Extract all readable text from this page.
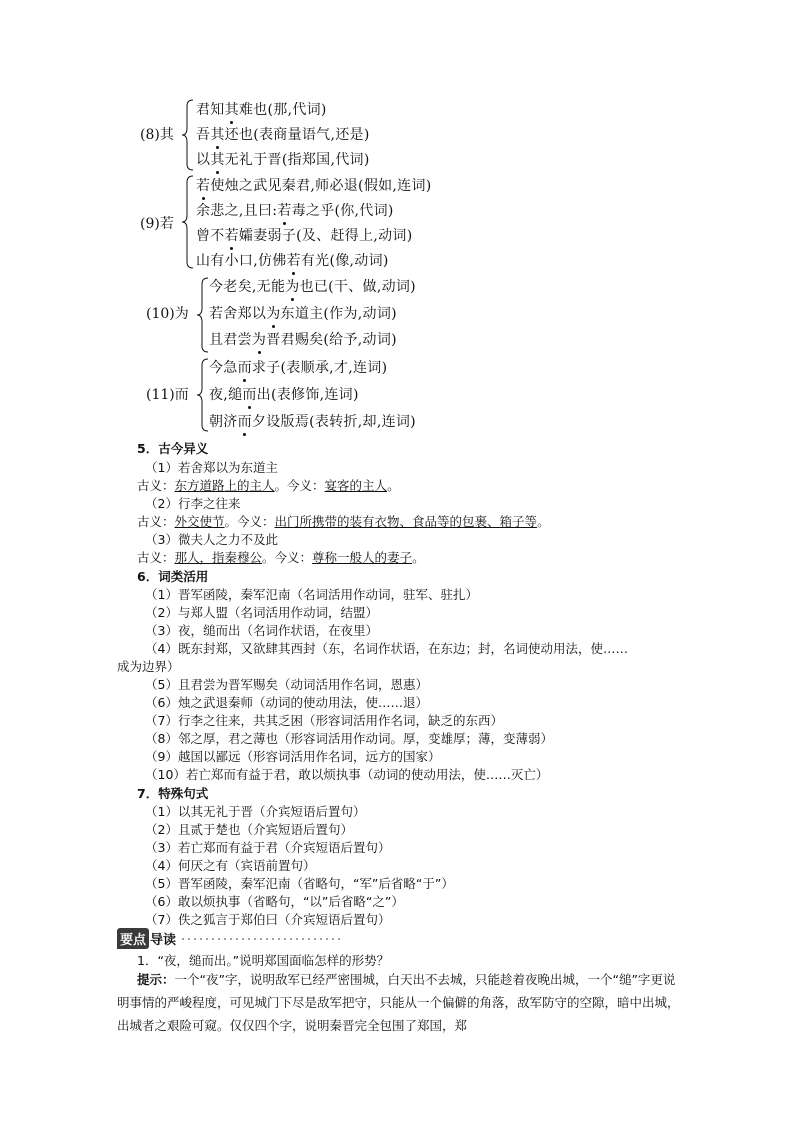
(8)其
君知其难也(那,代词)
吾其还也(表商量语气,还是)
以其无礼于晋(指郑国,代词)
(9)若
若使烛之武见秦君,师必退(假如,连词)
余悲之,且曰:若毒之乎(你,代词)
曾不若孀妻弱子(及、赶得上,动词)
山有小口,仿佛若有光(像,动词)
(10)为
今老矣,无能为也已(干、做,动词)
若舍郑以为东道主(作为,动词)
且君尝为晋君赐矣(给予,动词)
(11)而
今急而求子(表顺承,才,连词)
夜,缒而出(表修饰,连词)
朝济而夕设版焉(表转折,却,连词)
5．古今异义
（1）若舍郑以为东道主
古义：东方道路上的主人。今义：宴客的主人。
（2）行李之往来
古义：外交使节。今义：出门所携带的装有衣物、食品等的包裹、箱子等。
（3）微夫人之力不及此
古义：那人，指秦穆公。今义：尊称一般人的妻子。
6．词类活用
（1）晋军函陵，秦军氾南（名词活用作动词，驻军、驻扎）
（2）与郑人盟（名词活用作动词，结盟）
（3）夜，缒而出（名词作状语，在夜里）
（4）既东封郑，又欲肆其西封（东，名词作状语，在东边；封，名词使动用法，使……
成为边界）
（5）且君尝为晋军赐矣（动词活用作名词，恩惠）
（6）烛之武退秦师（动词的使动用法，使……退）
（7）行李之往来，共其乏困（形容词活用作名词，缺乏的东西）
（8）邻之厚，君之薄也（形容词活用作动词。厚，变雄厚；薄，变薄弱）
（9）越国以鄙远（形容词活用作名词，远方的国家）
（10）若亡郑而有益于君，敢以烦执事（动词的使动用法，使……灭亡）
7．特殊句式
（1）以其无礼于晋（介宾短语后置句）
（2）且贰于楚也（介宾短语后置句）
（3）若亡郑而有益于君（介宾短语后置句）
（4）何厌之有（宾语前置句）
（5）晋军函陵，秦军氾南（省略句，“军”后省略“于”）
（6）敢以烦执事（省略句，“以”后省略“之”）
（7）佚之狐言于郑伯曰（介宾短语后置句）
要点 导读
1．“夜，缒而出。”说明郑国面临怎样的形势？
提示：一个“夜”字，说明敌军已经严密围城，白天出不去城，只能趁着夜晚出城，一个“缒”字更说明事情的严峻程度，可见城门下尽是敌军把守，只能从一个偏僻的角落，敌军防守的空隙，暗中出城，出城者之艰险可窥。仅仅四个字，说明秦晋完全包围了郑国，郑
